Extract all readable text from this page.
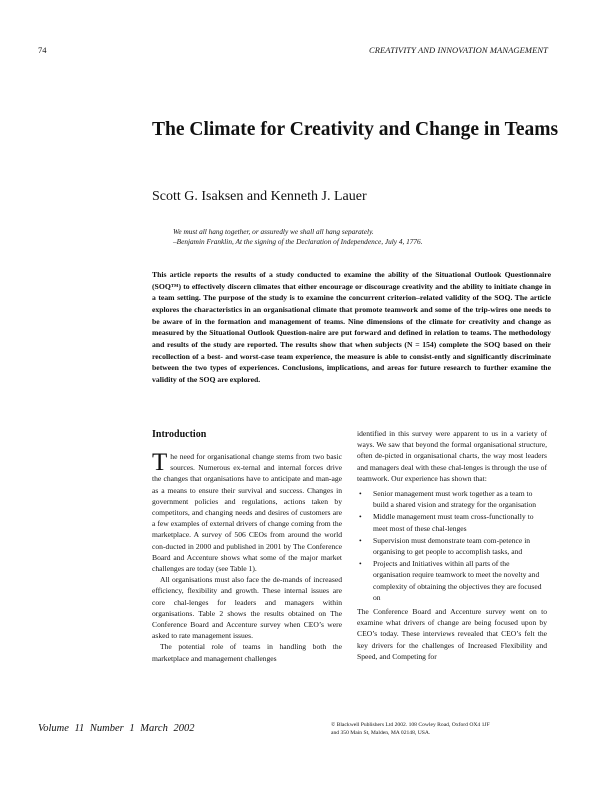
74	CREATIVITY AND INNOVATION MANAGEMENT
The Climate for Creativity and Change in Teams
Scott G. Isaksen and Kenneth J. Lauer
We must all hang together, or assuredly we shall all hang separately.
–Benjamin Franklin, At the signing of the Declaration of Independence, July 4, 1776.

This article reports the results of a study conducted to examine the ability of the Situational Outlook Questionnaire (SOQ™) to effectively discern climates that either encourage or discourage creativity and the ability to initiate change in a team setting. The purpose of the study is to examine the concurrent criterion–related validity of the SOQ. The article explores the characteristics in an organisational climate that promote teamwork and some of the trip-wires one needs to be aware of in the formation and management of teams. Nine dimensions of the climate for creativity and change as measured by the Situational Outlook Question-naire are put forward and defined in relation to teams. The methodology and results of the study are reported. The results show that when subjects (N = 154) complete the SOQ based on their recollection of a best- and worst-case team experience, the measure is able to consist-ently and significantly discriminate between the two types of experiences. Conclusions, implications, and areas for future research to further examine the validity of the SOQ are explored.

Introduction

The need for organisational change stems from two basic sources. Numerous ex-ternal and internal forces drive the changes that organisations have to anticipate and man-age as a means to ensure their survival and success. Changes in government policies and regulations, actions taken by competitors, and changing needs and desires of customers are a few examples of external drivers of change coming from the marketplace. A survey of 506 CEOs from around the world con-ducted in 2000 and published in 2001 by The Conference Board and Accenture shows what some of the major market challenges are today (see Table 1).

All organisations must also face the de-mands of increased efficiency, flexibility and growth. These internal issues are core chal-lenges for leaders and managers within organisations. Table 2 shows the results obtained on The Conference Board and Accenture survey when CEO’s were asked to rate management issues.

The potential role of teams in handling both the marketplace and management challenges

identified in this survey were apparent to us in a variety of ways. We saw that beyond the formal organisational structure, often de-picted in organisational charts, the way most leaders and managers deal with these chal-lenges is through the use of teamwork. Our experience has shown that:

• Senior management must work together as a team to build a shared vision and strategy for the organisation
• Middle management must team cross-functionally to meet most of these chal-lenges
• Supervision must demonstrate team com-petence in organising to get people to accomplish tasks, and
• Projects and Initiatives within all parts of the organisation require teamwork to meet the novelty and complexity of obtaining the objectives they are focused on

The Conference Board and Accenture survey went on to examine what drivers of change are being focused upon by CEO’s today. These interviews revealed that CEO’s felt the key drivers for the challenges of Increased Flexibility and Speed, and Competing for

Volume 11 Number 1 March 2002	© Blackwell Publishers Ltd 2002. 108 Cowley Road, Oxford OX4 1JF
and 350 Main St, Malden, MA 02148, USA.
